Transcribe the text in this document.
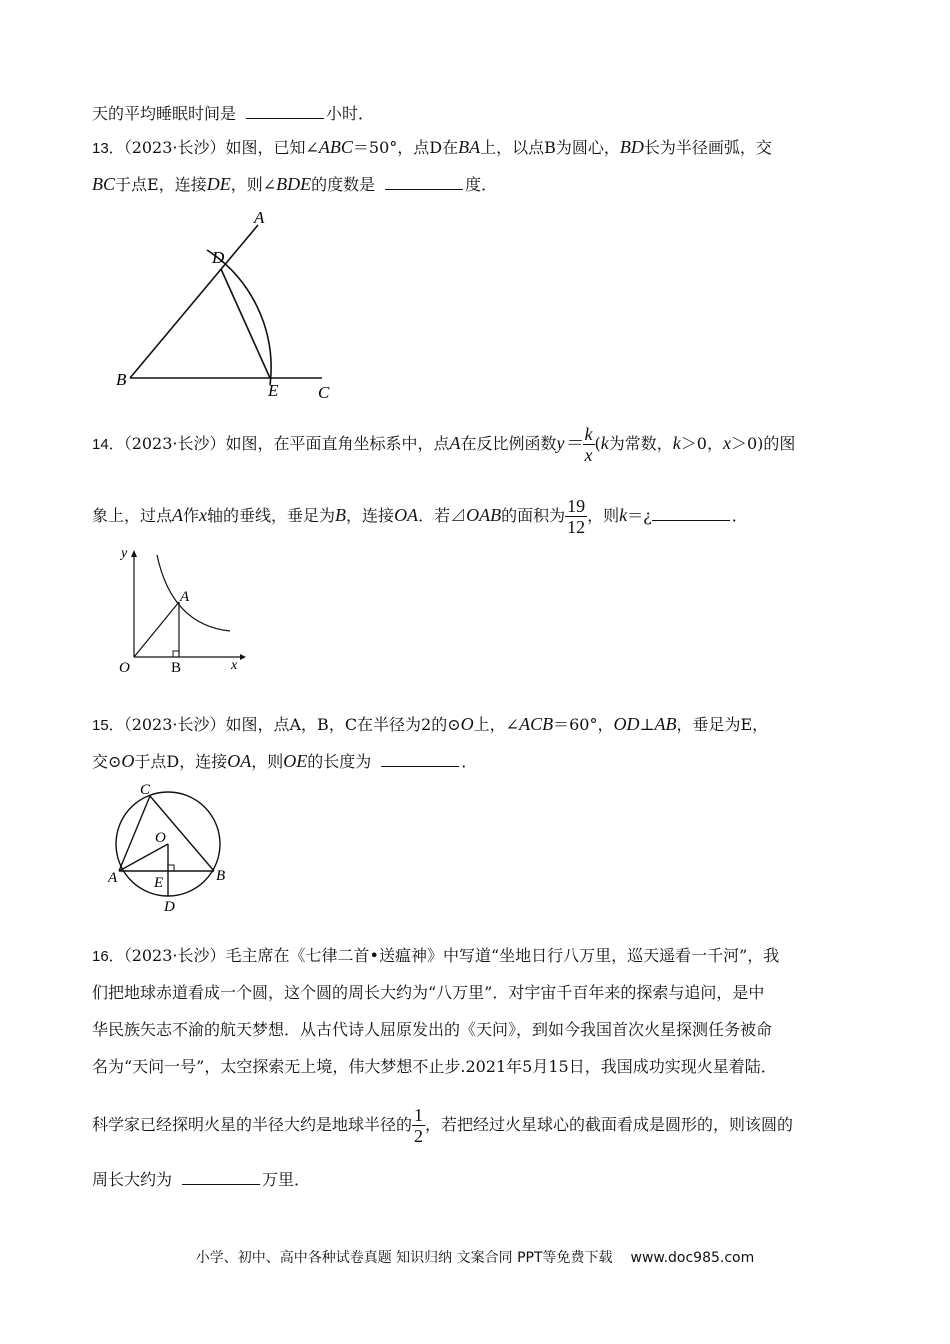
天的平均睡眠时间是	小时．
13．（2023·长沙）如图，已知∠ABC＝50°，点D在BA上，以点B为圆心，BD长为半径画弧，交
BC于点E，连接DE，则∠BDE的度数是	度．
A
B
C
D
E
14．（2023·长沙）如图，在平面直角坐标系中，点A在反比例函数$y= \frac{k}{x} (k$为常数，k＞0，x＞0)的图
象上，过点A作x轴的垂线，垂足为B，连接OA．若⊿OAB的面积为 $\frac{19}{12}$ ，则k＝¿	．
y
x
O
A
B
15．（2023·长沙）如图，点A，B，C在半径为2的⊙O上，∠ACB＝60°，OD⊥AB，垂足为E，
交⊙O于点D，连接OA，则OE的长度为	．
C
O
A	B
E
D
16．（2023·长沙）毛主席在《七律二首•送瘟神》中写道“坐地日行八万里，巡天遥看一千河”，我
们把地球赤道看成一个圆，这个圆的周长大约为“八万里”．对宇宙千百年来的探索与追问，是中
华民族矢志不渝的航天梦想．从古代诗人屈原发出的《天问》，到如今我国首次火星探测任务被命
名为“天问一号”，太空探索无上境，伟大梦想不止步.2021年5月15日，我国成功实现火星着陆．
科学家已经探明火星的半径大约是地球半径的 $\frac{1}{2}$ ，若把经过火星球心的截面看成是圆形的，则该圆的
周长大约为	万里．
小学、初中、高中各种试卷真题 知识归纳 文案合同 PPT等免费下载 www.doc985.com
